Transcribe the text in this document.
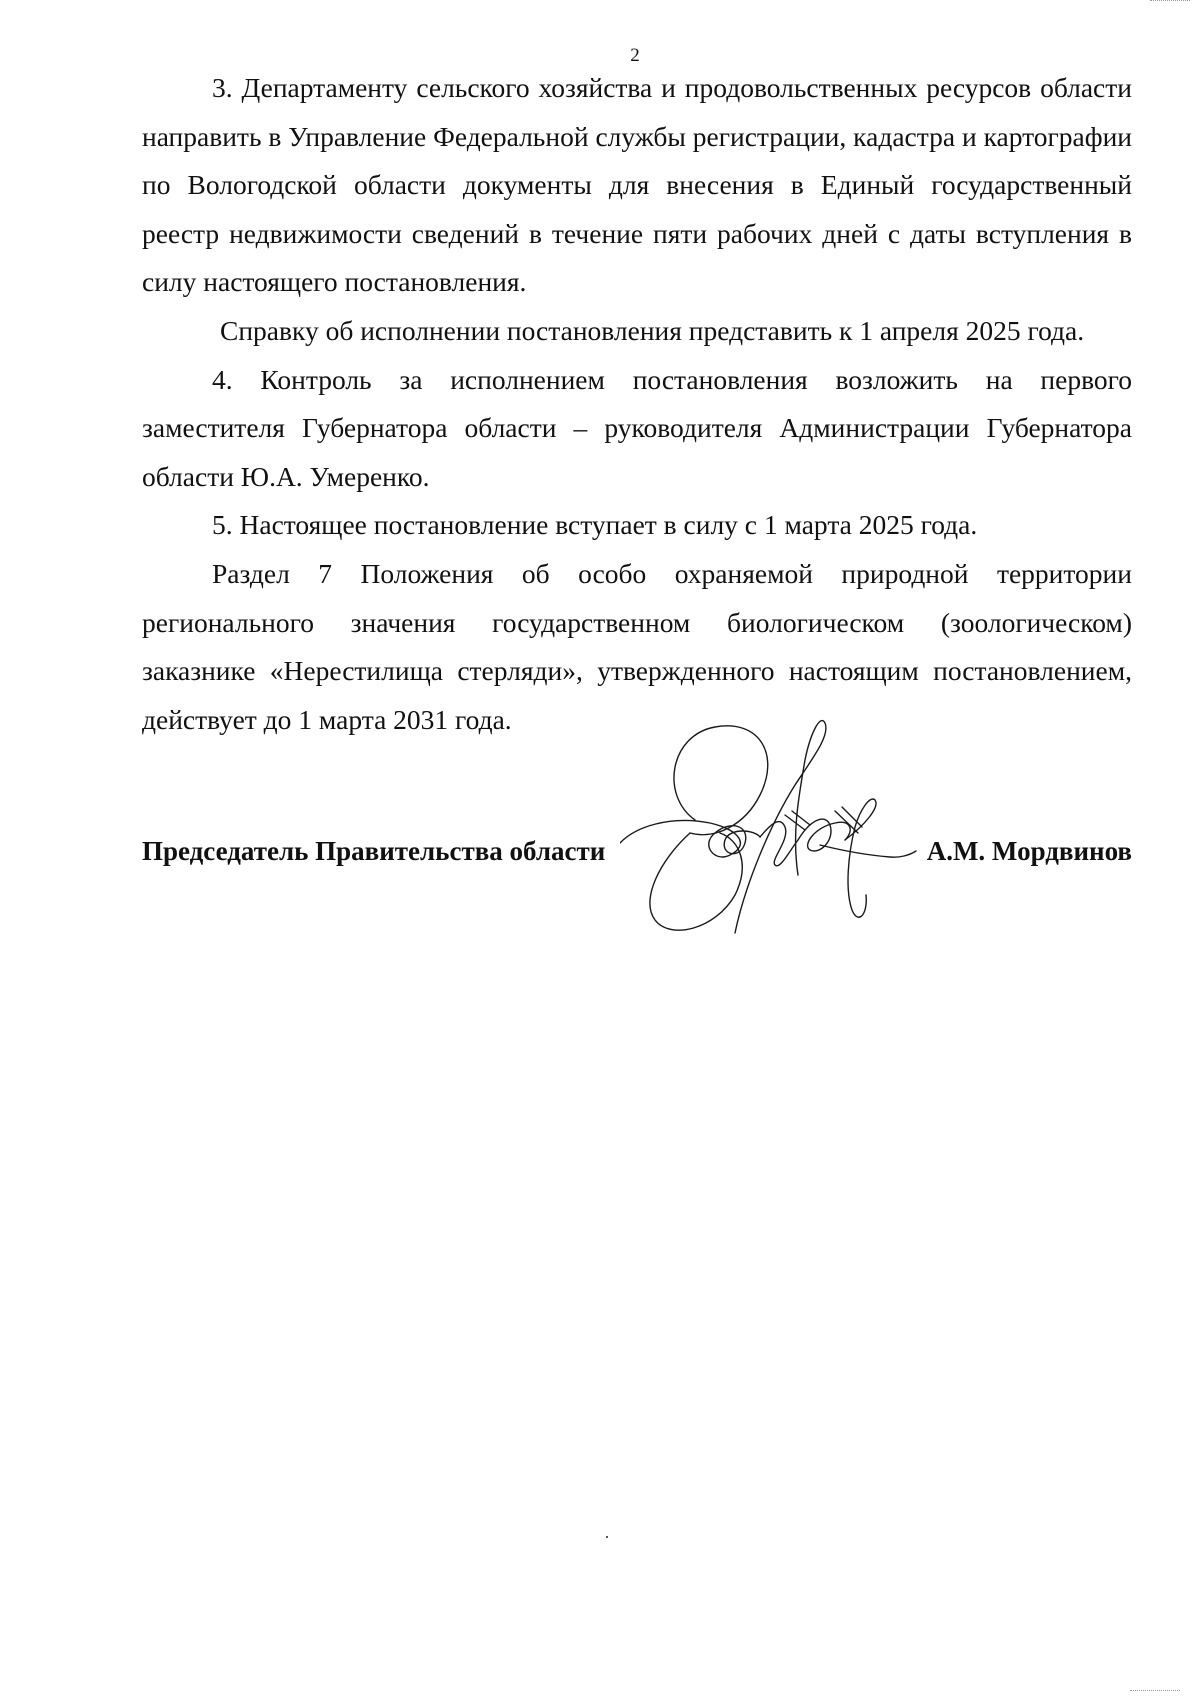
2

3. Департаменту сельского хозяйства и продовольственных ресурсов области направить в Управление Федеральной службы регистрации, кадастра и картографии по Вологодской области документы для внесения в Единый государственный реестр недвижимости сведений в течение пяти рабочих дней с даты вступления в силу настоящего постановления.

Справку об исполнении постановления представить к 1 апреля 2025 года.

4. Контроль за исполнением постановления возложить на первого заместителя Губернатора области – руководителя Администрации Губернатора области Ю.А. Умеренко.

5. Настоящее постановление вступает в силу с 1 марта 2025 года.

Раздел 7 Положения об особо охраняемой природной территории регионального значения государственном биологическом (зоологическом) заказнике «Нерестилища стерляди», утвержденного настоящим постановлением, действует до 1 марта 2031 года.

Председатель Правительства области	А.М. Мордвинов
